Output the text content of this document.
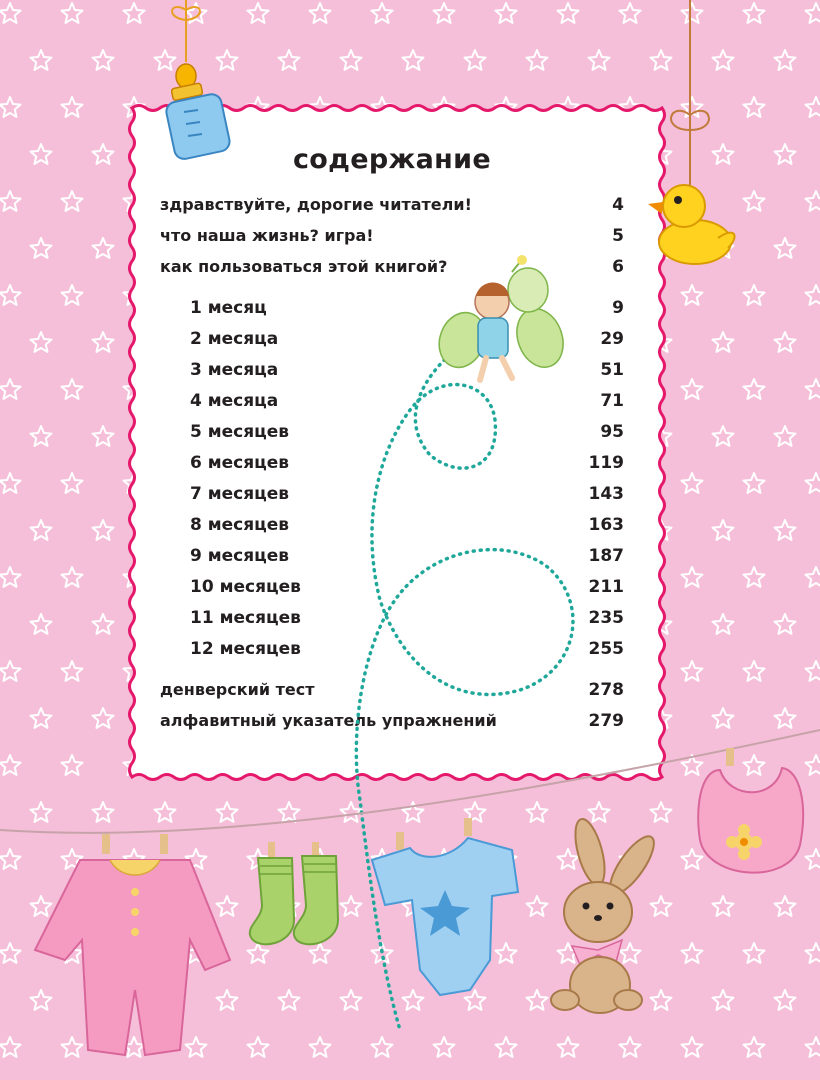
содержание
здравствуйте, дорогие читатели!	4
что наша жизнь? игра!	5
как пользоваться этой книгой?	6
1 месяц	9
2 месяца	29
3 месяца	51
4 месяца	71
5 месяцев	95
6 месяцев	119
7 месяцев	143
8 месяцев	163
9 месяцев	187
10 месяцев	211
11 месяцев	235
12 месяцев	255
денверский тест	278
алфавитный указатель упражнений	279
